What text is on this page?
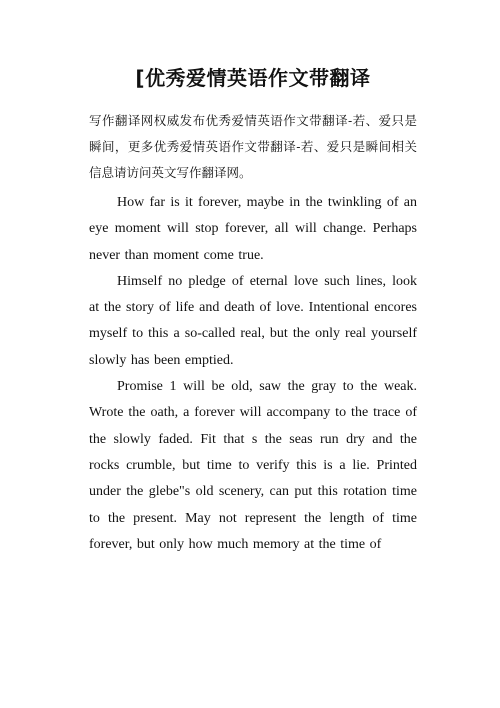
[优秀爱情英语作文带翻译

写作翻译网权威发布优秀爱情英语作文带翻译-若、爱只是瞬间，更多优秀爱情英语作文带翻译-若、爱只是瞬间相关信息请访问英文写作翻译网。

How far is it forever, maybe in the twinkling of an eye moment will stop forever, all will change. Perhaps never than moment come true.

Himself no pledge of eternal love such lines, look at the story of life and death of love. Intentional encores myself to this a so-called real, but the only real yourself slowly has been emptied.

Promise 1 will be old, saw the gray to the weak. Wrote the oath, a forever will accompany to the trace of the slowly faded. Fit that s the seas run dry and the rocks crumble, but time to verify this is a lie. Printed under the glebe"s old scenery, can put this rotation time to the present. May not represent the length of time forever, but only how much memory at the time of
